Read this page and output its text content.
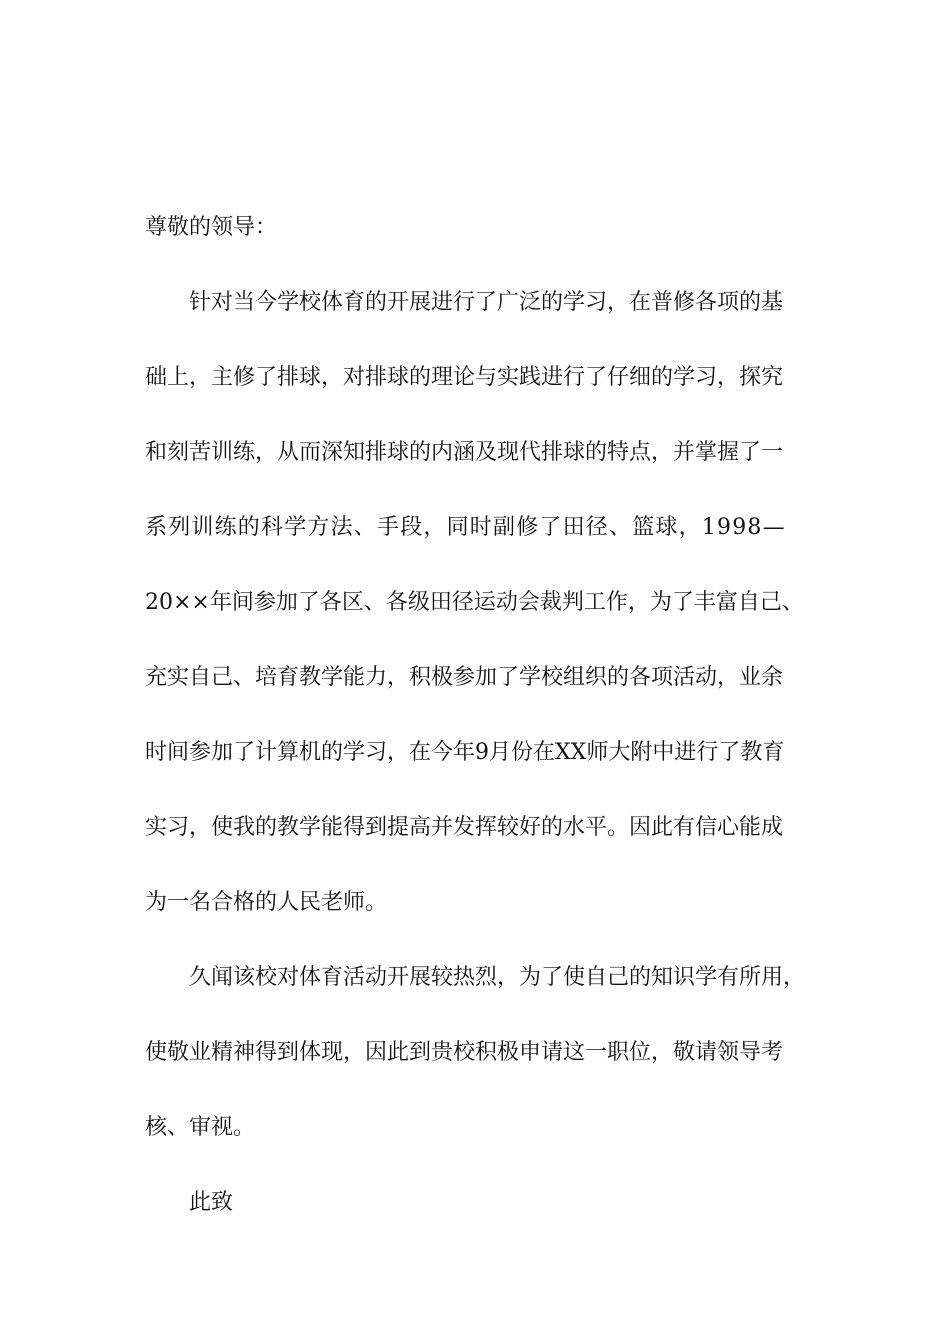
尊敬的领导：
针对当今学校体育的开展进行了广泛的学习，在普修各项的基
础上，主修了排球，对排球的理论与实践进行了仔细的学习，探究
和刻苦训练，从而深知排球的内涵及现代排球的特点，并掌握了一
系列训练的科学方法、手段，同时副修了田径、篮球，1998—
20××年间参加了各区、各级田径运动会裁判工作，为了丰富自己、
充实自己、培育教学能力，积极参加了学校组织的各项活动，业余
时间参加了计算机的学习，在今年9月份在XX师大附中进行了教育
实习，使我的教学能得到提高并发挥较好的水平。因此有信心能成
为一名合格的人民老师。
久闻该校对体育活动开展较热烈，为了使自己的知识学有所用，
使敬业精神得到体现，因此到贵校积极申请这一职位，敬请领导考
核、审视。
此致
